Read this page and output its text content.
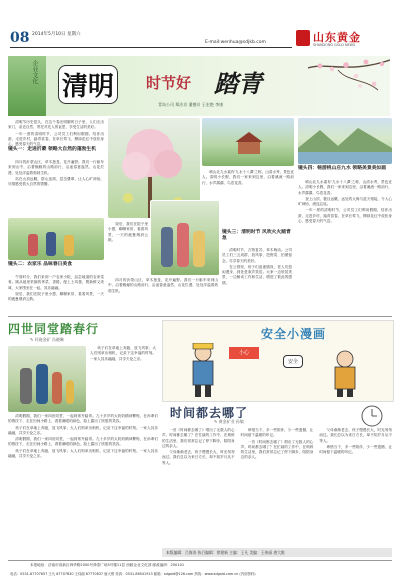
08 2014年5月10日 星期六
E-mail:wenhua@sdjkb.com	山东黄金
SHANDONG GOLD NEWS
企业文化 清明 时节好 踏青
青岛公司 郑沙京 潘德川 王宏艳 李康

清明节历史悠久，在这个春光明媚的日子里，人们走出家门，亲近自然，寄托对先人的哀思，享受生活的美好。

一年一度的清明时节，公司员工们利用假期，结伴出游，走进乡村，踏青赏春，在草长莺飞、柳绿花红中放松身心，感受春天的气息。

镜头一：走进沂蒙 领略大自然的蓬勃生机

四月的沂蒙山区，草木葱茏，花开遍野。我们一行驱车来到山中，沿着蜿蜒的山路前行，沿途春意盎然，山花烂漫，处处洋溢着勃勃生机。

站在山顶远眺，群山连绵，层峦叠翠，让人心旷神怡，尽情感受着大自然的馈赠。

镜头二：农家乐 品味春日美食

午饭时分，我们来到一户农家小院，品尝地道的农家菜肴。刚从地里采摘的荠菜、香椿，配上土鸡蛋，既新鲜又美味，大家围坐在一起，其乐融融。

饭后，我们在院子里小憩，聊聊家常，看看风景，一天的疲惫烟消云散。

崂山北九水素有'九水十八潭'之称，山清水秀，景色宜人。清明小长假，我们一家来到这里，沿着溪流一路前行，水声潺潺，鸟语花香。

饭后，我们在院子里小憩，聊聊家常，看看风景，一天的疲惫烟消云散。

四月的沂蒙山区，草木葱茏，花开遍野。我们一行驱车来到山中，沿着蜿蜒的山路前行，沿途春意盎然，山花烂漫，处处洋溢着勃勃生机。

镜头三：清明时节 风吹火火踏青急

清明时节，万物复苏，草木萌动。公司员工们三五成群，放风筝、挖野菜、拍照留念，尽享春天的美好。

在公园里，孩子们追逐嬉戏，老人们悠闲漫步，到处是欢声笑语。大家一边欣赏美景，一边畅谈工作和生活，增进了彼此的感情。

镜头四：畅游桃山庄九水 领略美景美如画

崂山北九水素有'九水十八潭'之称，山清水秀，景色宜人。清明小长假，我们一家来到这里，沿着溪流一路前行，水声潺潺，鸟语花香。

登上山顶，极目远眺，远处的大海与蓝天相接，令人心旷神怡，流连忘返。

一年一度的清明时节，公司员工们利用假期，结伴出游，走进乡村，踏青赏春，在草长莺飞、柳绿花红中放松身心，感受春天的气息。

四世同堂踏春行
✎ 玲珑金矿 冯晓琳

清明假期，我们一家四世同堂，一起到郊外踏青。九十多岁的太奶奶精神矍铄，在孙辈们的搀扶下，走在田间小路上，看着满眼的绿色，脸上露出了欣慰的笑容。

孩子们在草地上奔跑，放飞风筝；大人们则拿出相机，记录下这幸福的时刻。一家人其乐融融，共享天伦之乐。

清明假期，我们一家四世同堂，一起到郊外踏青。九十多岁的太奶奶精神矍铄，在孙辈们的搀扶下，走在田间小路上，看着满眼的绿色，脸上露出了欣慰的笑容。

孩子们在草地上奔跑，放飞风筝；大人们则拿出相机，记录下这幸福的时刻。一家人其乐融融，共享天伦之乐。

孩子们在草地上奔跑，放飞风筝；大人们则拿出相机，记录下这幸福的时刻。一家人其乐融融，共享天伦之乐。

安全小漫画
小心
安全
时间都去哪了
✎ 黄金矿业 孙敏

一首《时间都去哪了》唱出了无数人的心声。时间都去哪了？在忙碌的工作中，在琐碎的生活里，我们常常忘记了停下脚步，陪陪身边的亲人。

父母渐渐老去，孩子慢慢长大，时光匆匆而过。我们总以为来日方长，却不知岁月从不等人。

珍惜当下，多一些陪伴，少一些遗憾，让时间留下温暖的印记。

一首《时间都去哪了》唱出了无数人的心声。时间都去哪了？在忙碌的工作中，在琐碎的生活里，我们常常忘记了停下脚步，陪陪身边的亲人。

父母渐渐老去，孩子慢慢长大，时光匆匆而过。我们总以为来日方长，却不知岁月从不等人。

珍惜当下，多一些陪伴，少一些遗憾，让时间留下温暖的印记。

本版编辑：吕海涛 执行编辑：徐建新 主编：王凡 美编：王伟丽 唐大维
本报地址：济南市高新区舜华路2000号舜泰广场3号楼11层 西邮企业文化部 邮政编码：250101
电话：0531-67707657 王凡 67707830 王伟丽 67770637 唐大维 传真：0531-86541913 邮箱：sdgold@126.com 热线：www.sdgold.com.cn (内部资料)
